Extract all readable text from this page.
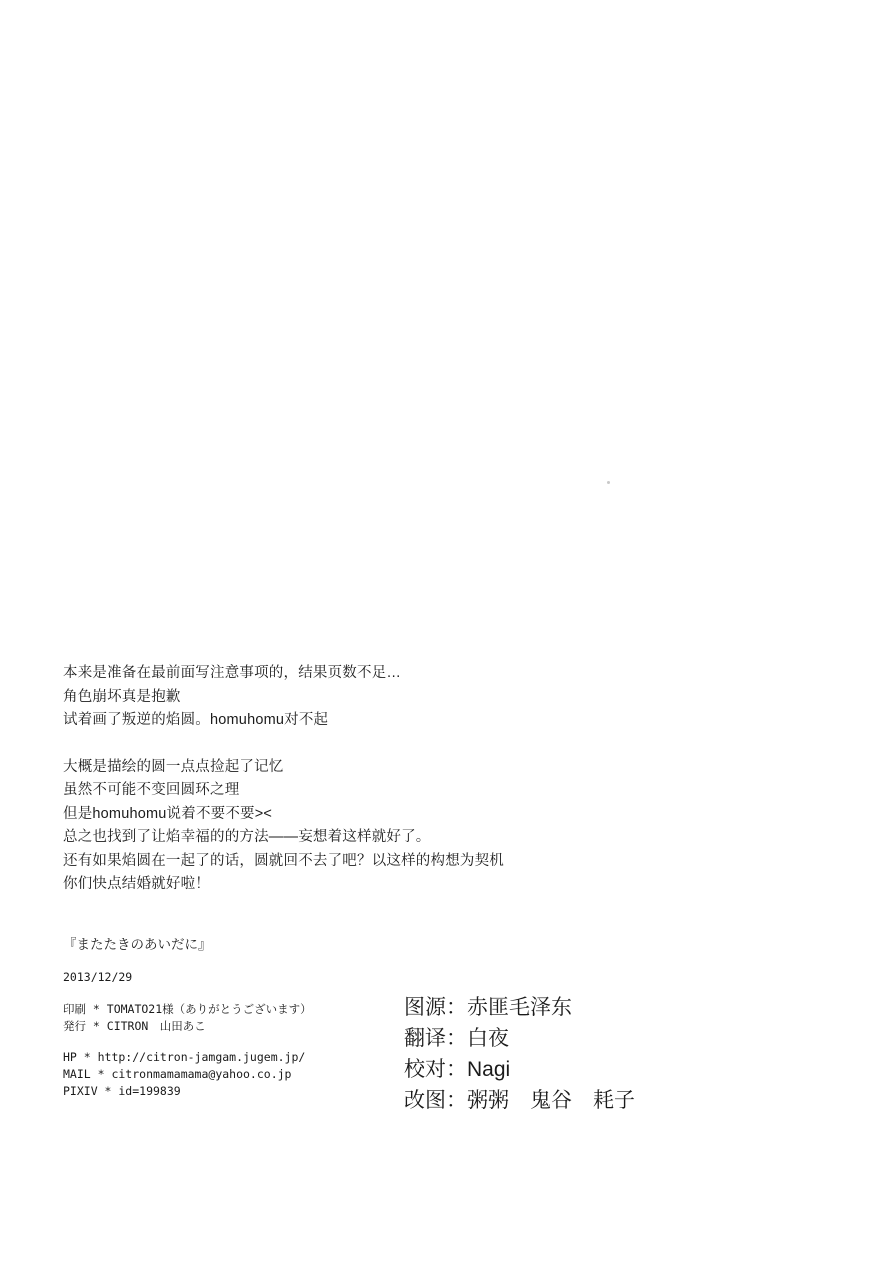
本来是准备在最前面写注意事项的，结果页数不足…

角色崩坏真是抱歉

试着画了叛逆的焰圆。homuhomu对不起

大概是描绘的圆一点点捡起了记忆

虽然不可能不变回圆环之理

但是homuhomu说着不要不要><

总之也找到了让焰幸福的的方法——妄想着这样就好了。

还有如果焰圆在一起了的话，圆就回不去了吧？以这样的构想为契机

你们快点结婚就好啦！

『またたきのあいだに』
2013/12/29
印刷 * TOMATO21様（ありがとうございます）
発行 * CITRON　山田あこ
HP * http://citron-jamgam.jugem.jp/
MAIL * citronmamamama@yahoo.co.jp
PIXIV * id=199839
图源：赤匪毛泽东
翻译：白夜
校对：Nagi
改图：粥粥　鬼谷　耗子
